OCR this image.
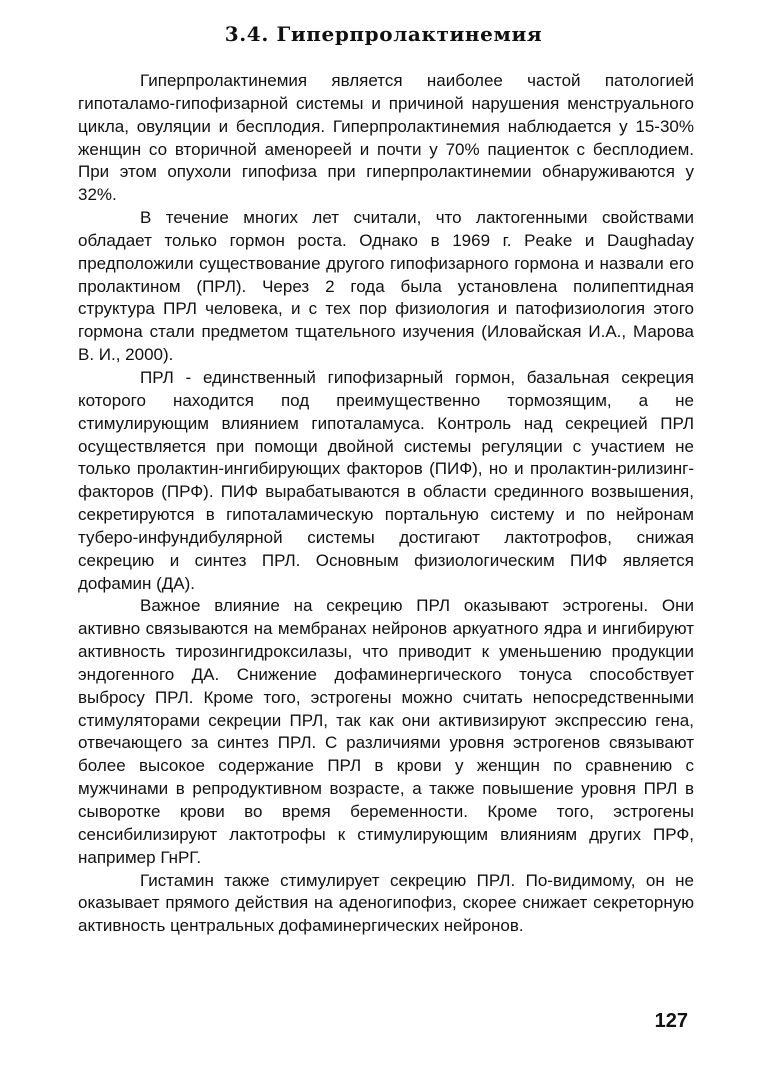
3.4. Гиперпролактинемия

Гиперпролактинемия является наиболее частой патологией гипоталамо-гипофизарной системы и причиной нарушения менструального цикла, овуляции и бесплодия. Гиперпролактинемия наблюдается у 15-30% женщин со вторичной аменореей и почти у 70% пациенток с бесплодием. При этом опухоли гипофиза при гиперпролактинемии обнаруживаются у 32%.

В течение многих лет считали, что лактогенными свойствами обладает только гормон роста. Однако в 1969 г. Peake и Daughaday предположили существование другого гипофизарного гормона и назвали его пролактином (ПРЛ). Через 2 года была установлена полипептидная структура ПРЛ человека, и с тех пор физиология и патофизиология этого гормона стали предметом тщательного изучения (Иловайская И.А., Марова В. И., 2000).

ПРЛ - единственный гипофизарный гормон, базальная секреция которого находится под преимущественно тормозящим, а не стимулирующим влиянием гипоталамуса. Контроль над секрецией ПРЛ осуществляется при помощи двойной системы регуляции с участием не только пролактин-ингибирующих факторов (ПИФ), но и пролактин-рилизинг-факторов (ПРФ). ПИФ вырабатываются в области срединного возвышения, секретируются в гипоталамическую портальную систему и по нейронам туберо-инфундибулярной системы достигают лактотрофов, снижая секрецию и синтез ПРЛ. Основным физиологическим ПИФ является дофамин (ДА).

Важное влияние на секрецию ПРЛ оказывают эстрогены. Они активно связываются на мембранах нейронов аркуатного ядра и ингибируют активность тирозингидроксилазы, что приводит к уменьшению продукции эндогенного ДА. Снижение дофаминергического тонуса способствует выбросу ПРЛ. Кроме того, эстрогены можно считать непосредственными стимуляторами секреции ПРЛ, так как они активизируют экспрессию гена, отвечающего за синтез ПРЛ. С различиями уровня эстрогенов связывают более высокое содержание ПРЛ в крови у женщин по сравнению с мужчинами в репродуктивном возрасте, а также повышение уровня ПРЛ в сыворотке крови во время беременности. Кроме того, эстрогены сенсибилизируют лактотрофы к стимулирующим влияниям других ПРФ, например ГнРГ.

Гистамин также стимулирует секрецию ПРЛ. По-видимому, он не оказывает прямого действия на аденогипофиз, скорее снижает секреторную активность центральных дофаминергических нейронов.

127
